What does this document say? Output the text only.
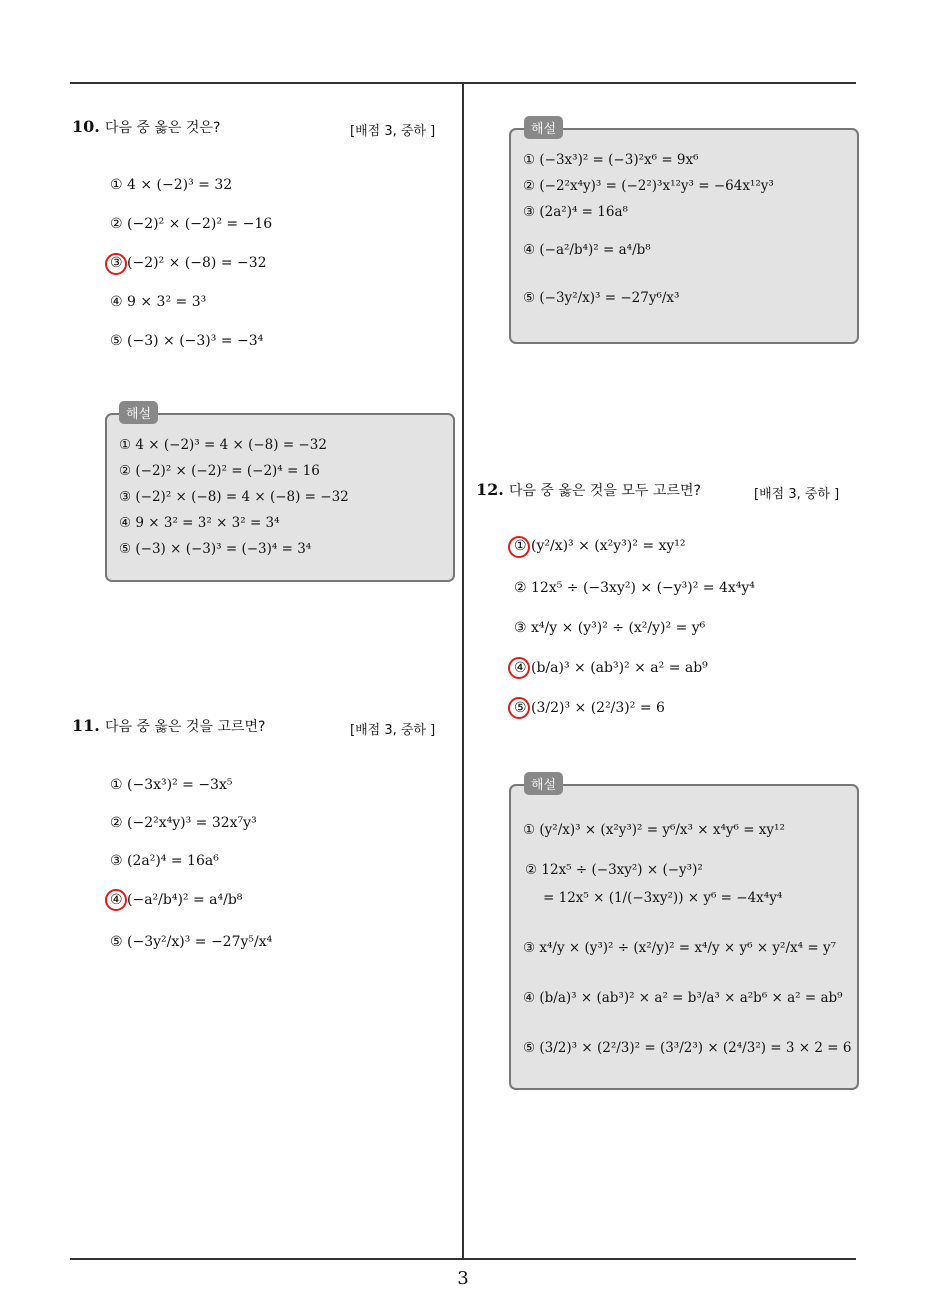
10. 다음 중 옳은 것은?	[배점 3, 중하 ]
① 4 × (−2)³ = 32
② (−2)² × (−2)² = −16
③ (−2)² × (−8) = −32
④ 9 × 3² = 3³
⑤ (−3) × (−3)³ = −3⁴
① 4 × (−2)³ = 4 × (−8) = −32
② (−2)² × (−2)² = (−2)⁴ = 16
③ (−2)² × (−8) = 4 × (−8) = −32
④ 9 × 3² = 3² × 3² = 3⁴
⑤ (−3) × (−3)³ = (−3)⁴ = 3⁴
해설
11. 다음 중 옳은 것을 고르면?	[배점 3, 중하 ]
① (−3x³)² = −3x⁵
② (−2²x⁴y)³ = 32x⁷y³
③ (2a²)⁴ = 16a⁶
④ (−a²/b⁴)² = a⁴/b⁸
⑤ (−3y²/x)³ = −27y⁵/x⁴
① (−3x³)² = (−3)²x⁶ = 9x⁶
② (−2²x⁴y)³ = (−2²)³x¹²y³ = −64x¹²y³
③ (2a²)⁴ = 16a⁸
④ (−a²/b⁴)² = a⁴/b⁸
⑤ (−3y²/x)³ = −27y⁶/x³
해설
12. 다음 중 옳은 것을 모두 고르면?	[배점 3, 중하 ]
① (y²/x)³ × (x²y³)² = xy¹²
② 12x⁵ ÷ (−3xy²) × (−y³)² = 4x⁴y⁴
③ x⁴/y × (y³)² ÷ (x²/y)² = y⁶
④ (b/a)³ × (ab³)² × a² = ab⁹
⑤ (3/2)³ × (2²/3)² = 6
① (y²/x)³ × (x²y³)² = y⁶/x³ × x⁴y⁶ = xy¹²
② 12x⁵ ÷ (−3xy²) × (−y³)²
= 12x⁵ × (1/(−3xy²)) × y⁶ = −4x⁴y⁴
③ x⁴/y × (y³)² ÷ (x²/y)² = x⁴/y × y⁶ × y²/x⁴ = y⁷
④ (b/a)³ × (ab³)² × a² = b³/a³ × a²b⁶ × a² = ab⁹
⑤ (3/2)³ × (2²/3)² = (3³/2³) × (2⁴/3²) = 3 × 2 = 6
해설
3
